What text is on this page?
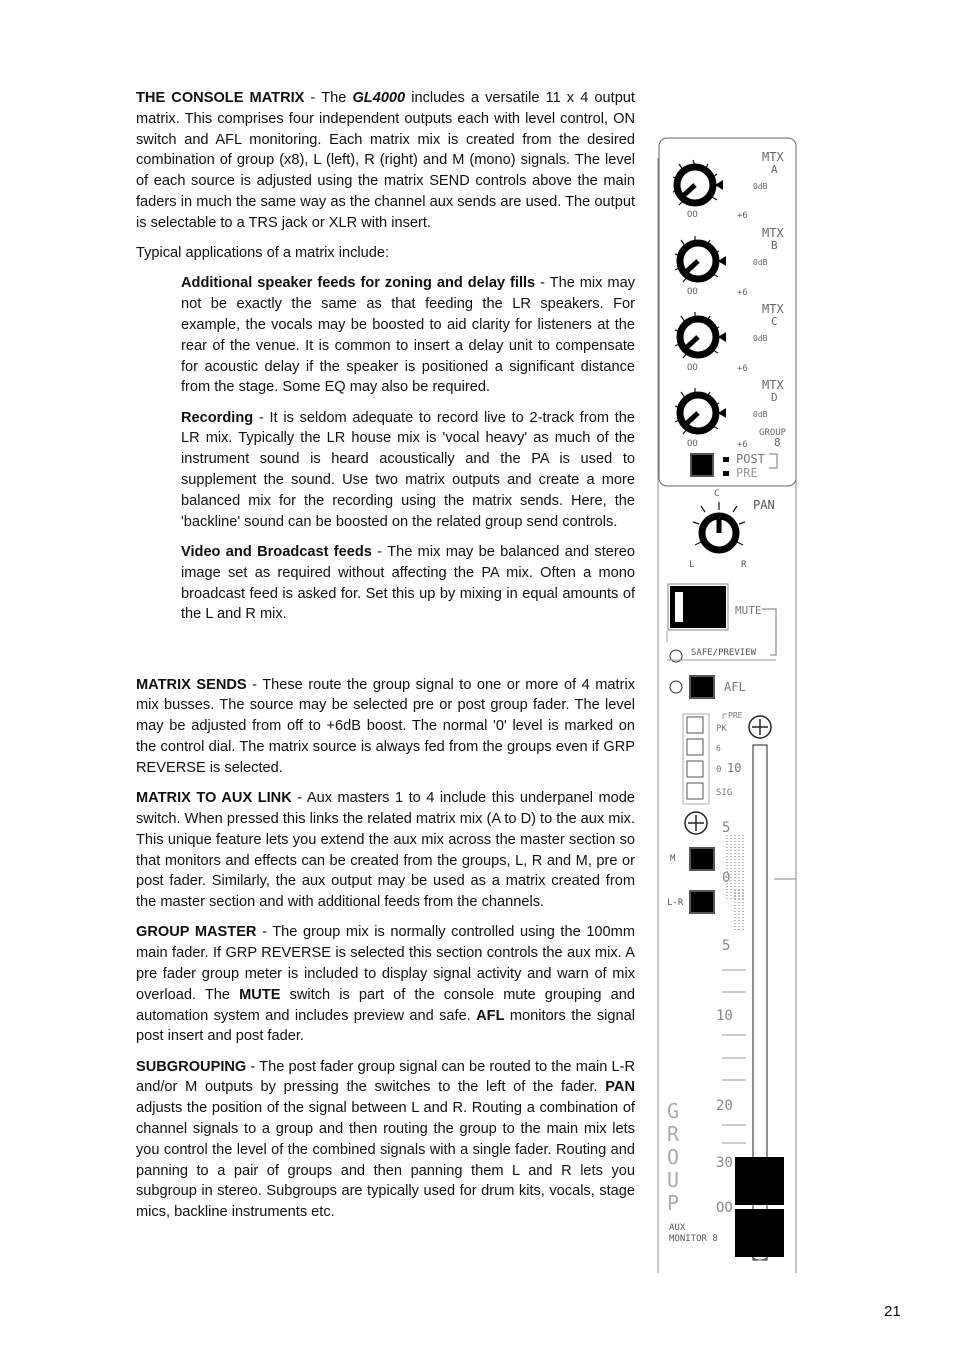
THE CONSOLE MATRIX - The GL4000 includes a versatile 11 x 4 output matrix. This comprises four independent outputs each with level control, ON switch and AFL monitoring. Each matrix mix is created from the desired combination of group (x8), L (left), R (right) and M (mono) signals. The level of each source is adjusted using the matrix SEND controls above the main faders in much the same way as the channel aux sends are used. The output is selectable to a TRS jack or XLR with insert.

Typical applications of a matrix include:

Additional speaker feeds for zoning and delay fills - The mix may not be exactly the same as that feeding the LR speakers. For example, the vocals may be boosted to aid clarity for listeners at the rear of the venue. It is common to insert a delay unit to compensate for acoustic delay if the speaker is positioned a significant distance from the stage. Some EQ may also be required.

Recording - It is seldom adequate to record live to 2-track from the LR mix. Typically the LR house mix is 'vocal heavy' as much of the instrument sound is heard acoustically and the PA is used to supplement the sound. Use two matrix outputs and create a more balanced mix for the recording using the matrix sends. Here, the 'backline' sound can be boosted on the related group send controls.

Video and Broadcast feeds - The mix may be balanced and stereo image set as required without affecting the PA mix. Often a mono broadcast feed is asked for. Set this up by mixing in equal amounts of the L and R mix.

MATRIX SENDS - These route the group signal to one or more of 4 matrix mix busses. The source may be selected pre or post group fader. The level may be adjusted from off to +6dB boost. The normal '0' level is marked on the control dial. The matrix source is always fed from the groups even if GRP REVERSE is selected.

MATRIX TO AUX LINK - Aux masters 1 to 4 include this underpanel mode switch. When pressed this links the related matrix mix (A to D) to the aux mix. This unique feature lets you extend the aux mix across the master section so that monitors and effects can be created from the groups, L, R and M, pre or post fader. Similarly, the aux output may be used as a matrix created from the master section and with additional feeds from the channels.

GROUP MASTER - The group mix is normally controlled using the 100mm main fader. If GRP REVERSE is selected this section controls the aux mix. A pre fader group meter is included to display signal activity and warn of mix overload. The MUTE switch is part of the console mute grouping and automation system and includes preview and safe. AFL monitors the signal post insert and post fader.

SUBGROUPING - The post fader group signal can be routed to the main L-R and/or M outputs by pressing the switches to the left of the fader. PAN adjusts the position of the signal between L and R. Routing a combination of channel signals to a group and then routing the group to the main mix lets you control the level of the combined signals with a single fader. Routing and panning to a pair of groups and then panning them L and R lets you subgroup in stereo. Subgroups are typically used for drum kits, vocals, stage mics, backline instruments etc.

MTX
A
0dB
OO	+6
MTX
B
0dB
OO	+6
MTX
C
0dB
OO	+6
MTX
D
0dB
OO	+6
GROUP
8
POST
PRE
C
PAN
L	R
MUTE
SAFE/PREVIEW
AFL
PRE
PK
6
0 10
SIG
M
L-R
5
0
5
10
20
30
OO
G
R
O
U
P
AUX
MONITOR 8
21
